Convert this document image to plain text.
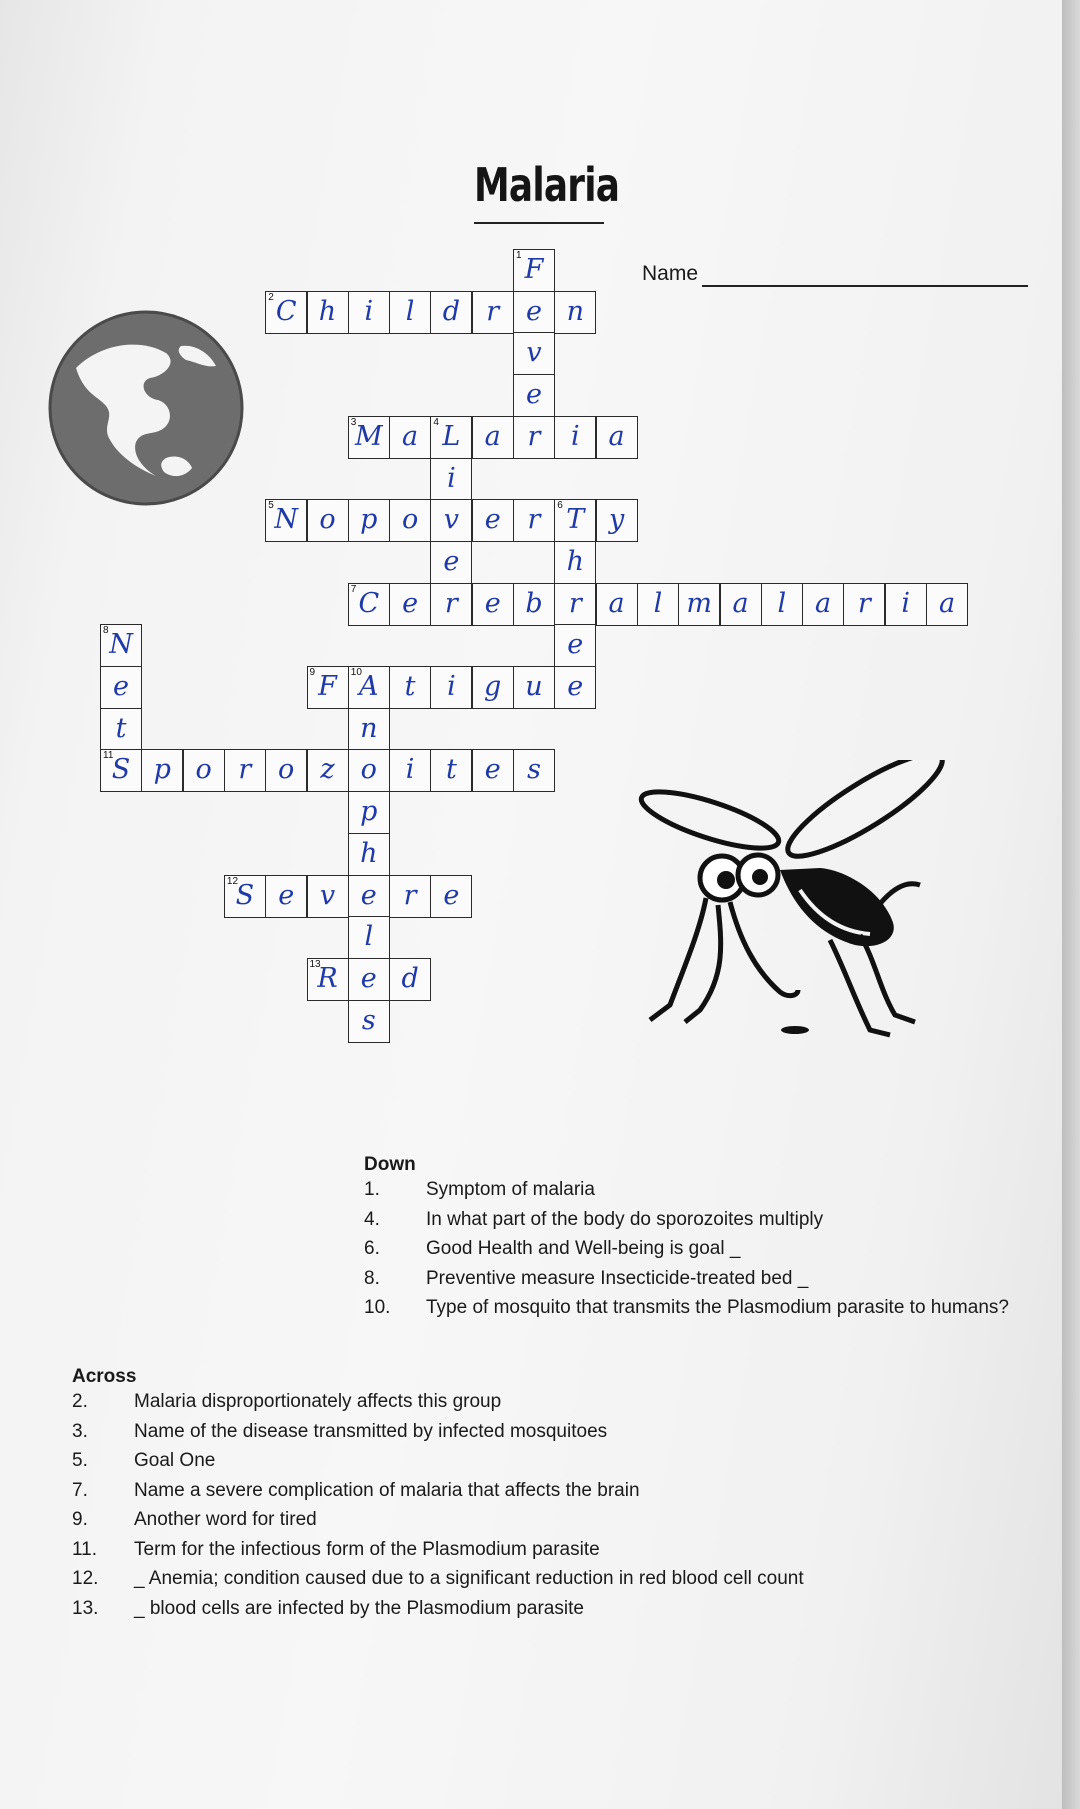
Malaria
Name
1 F
2 C h	i	l	d r e n
v
e
3
M a	4 L a r	i	a
i
5 N o p o v e r	6 T y
e	h
7 C e r e b r a	l m a	l	a r	i	a
8 N	e
e	9 F	10
A t	i	g u e
t	n
11
S p o r o z o	i	t	e s
p
h
12
S e v e r e
l
13
R e d
s
Down
1. Symptom of malaria
4. In what part of the body do sporozoites multiply
6. Good Health and Well-being is goal _
8. Preventive measure Insecticide-treated bed _
10. Type of mosquito that transmits the Plasmodium parasite to humans?
Across
2. Malaria disproportionately affects this group
3. Name of the disease transmitted by infected mosquitoes
5. Goal One
7. Name a severe complication of malaria that affects the brain
9. Another word for tired
11. Term for the infectious form of the Plasmodium parasite
12. _ Anemia; condition caused due to a significant reduction in red blood cell count
13. _ blood cells are infected by the Plasmodium parasite
